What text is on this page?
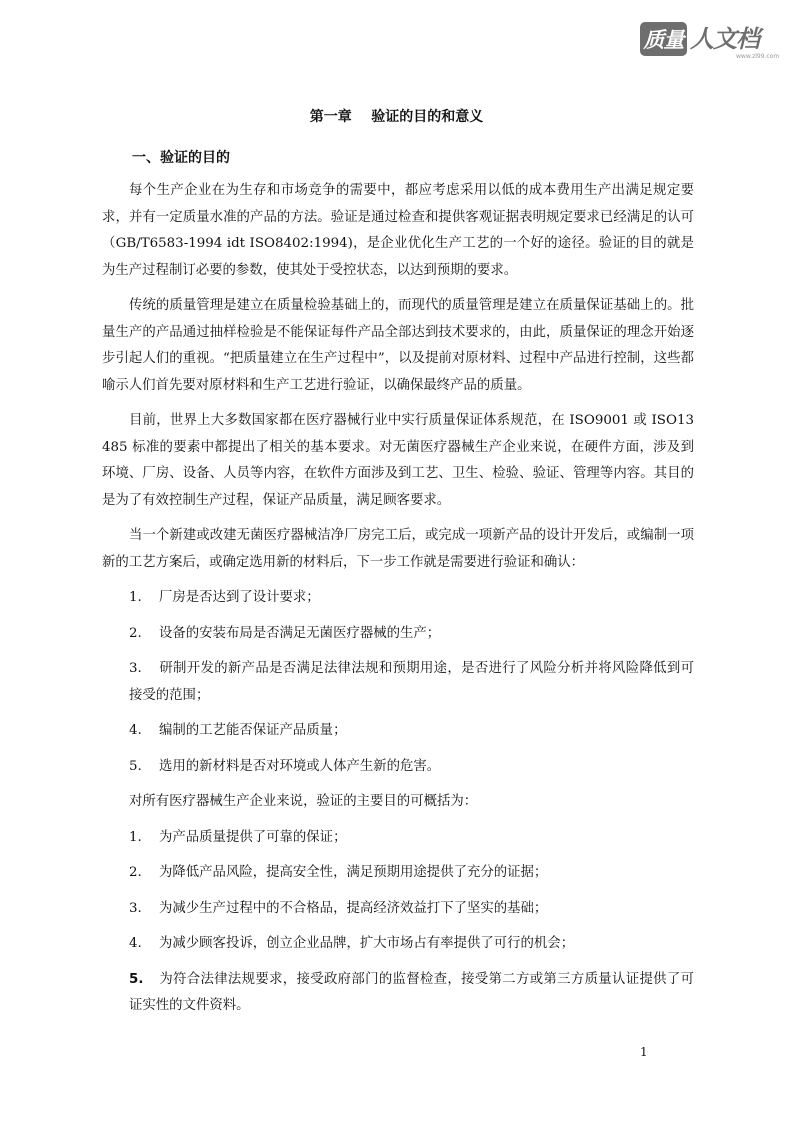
质量 人文档
www.zl99.com
第一章    验证的目的和意义
一、验证的目的

每个生产企业在为生存和市场竞争的需要中，都应考虑采用以低的成本费用生产出满足规定要求，并有一定质量水准的产品的方法。验证是通过检查和提供客观证据表明规定要求已经满足的认可（GB/T6583-1994 idt ISO8402:1994)，是企业优化生产工艺的一个好的途径。验证的目的就是为生产过程制订必要的参数，使其处于受控状态，以达到预期的要求。

传统的质量管理是建立在质量检验基础上的，而现代的质量管理是建立在质量保证基础上的。批量生产的产品通过抽样检验是不能保证每件产品全部达到技术要求的，由此，质量保证的理念开始逐步引起人们的重视。“把质量建立在生产过程中”，以及提前对原材料、过程中产品进行控制，这些都喻示人们首先要对原材料和生产工艺进行验证，以确保最终产品的质量。

目前，世界上大多数国家都在医疗器械行业中实行质量保证体系规范，在 ISO9001 或 ISO13485 标准的要素中都提出了相关的基本要求。对无菌医疗器械生产企业来说，在硬件方面，涉及到环境、厂房、设备、人员等内容，在软件方面涉及到工艺、卫生、检验、验证、管理等内容。其目的是为了有效控制生产过程，保证产品质量，满足顾客要求。

当一个新建或改建无菌医疗器械洁净厂房完工后，或完成一项新产品的设计开发后，或编制一项新的工艺方案后，或确定选用新的材料后，下一步工作就是需要进行验证和确认：

1. 厂房是否达到了设计要求；
2. 设备的安装布局是否满足无菌医疗器械的生产；
3. 研制开发的新产品是否满足法律法规和预期用途，是否进行了风险分析并将风险降低到可接受的范围；
4. 编制的工艺能否保证产品质量；
5. 选用的新材料是否对环境或人体产生新的危害。

对所有医疗器械生产企业来说，验证的主要目的可概括为：

1. 为产品质量提供了可靠的保证；
2. 为降低产品风险，提高安全性，满足预期用途提供了充分的证据；
3. 为减少生产过程中的不合格品，提高经济效益打下了坚实的基础；
4. 为减少顾客投诉，创立企业品牌，扩大市场占有率提供了可行的机会；
5. 为符合法律法规要求，接受政府部门的监督检查，接受第二方或第三方质量认证提供了可证实性的文件资料。
1
